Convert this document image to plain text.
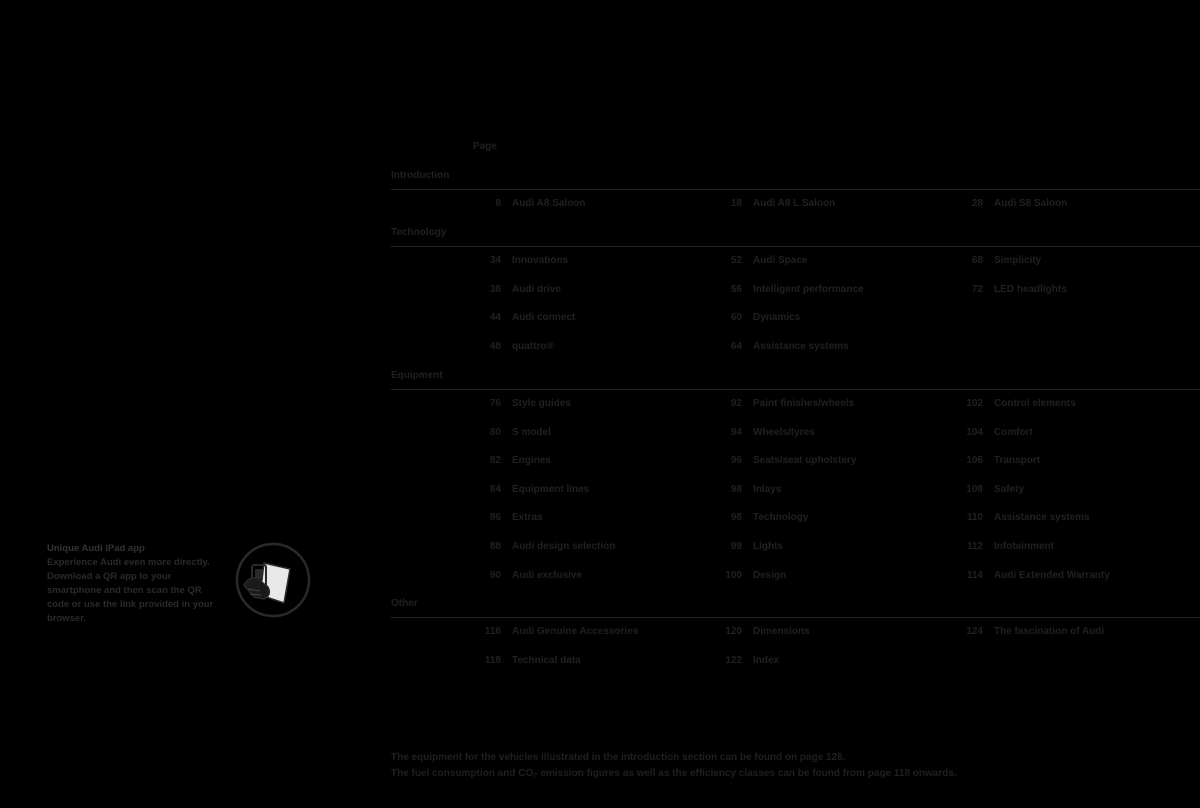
Page
Introduction
8 Audi A8 Saloon	18 Audi A8 L Saloon	28 Audi S8 Saloon
Technology
34 Innovations
38 Audi drive
44 Audi connect
48 quattro®
52 Audi Space
56 Intelligent performance
60 Dynamics
64 Assistance systems
68 Simplicity
72 LED headlights
Equipment
76 Style guides
80 S model
82 Engines
84 Equipment lines
86 Extras
88 Audi design selection
90 Audi exclusive
92 Paint finishes/wheels
94 Wheels/tyres
96 Seats/seat upholstery
98 Inlays
98 Technology
99 Lights
100 Design
102 Control elements
104 Comfort
106 Transport
108 Safety
110 Assistance systems
112 Infotainment
114 Audi Extended Warranty
Other
116 Audi Genuine Accessories
118 Technical data
120 Dimensions
122 Index
124 The fascination of Audi
Unique Audi iPad app
Experience Audi even more directly. Download a QR app to your smartphone and then scan the QR code or use the link provided in your browser.
The equipment for the vehicles illustrated in the introduction section can be found on page 126.
The fuel consumption and CO₂ emission figures as well as the efficiency classes can be found from page 118 onwards.
